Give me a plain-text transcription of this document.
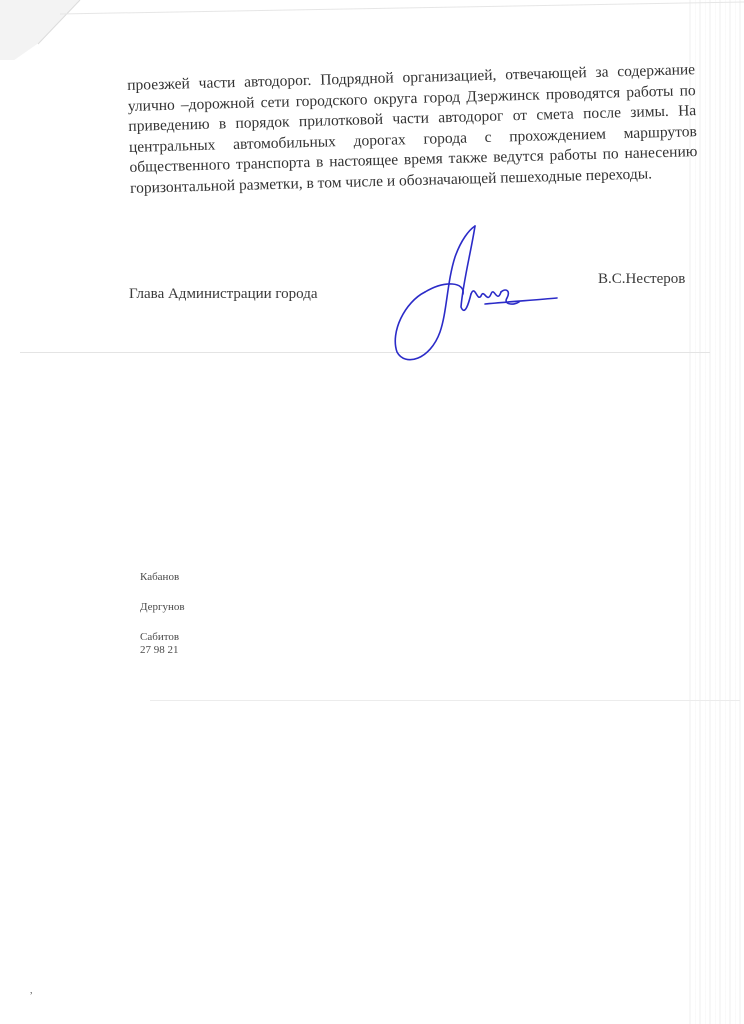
проезжей части автодорог. Подрядной организацией, отвечающей за содержание улично –дорожной сети городского округа город Дзержинск проводятся работы по приведению в порядок прилотковой части автодорог от смета после зимы. На центральных автомобильных дорогах города с прохождением маршрутов общественного транспорта в настоящее время также ведутся работы по нанесению горизонтальной разметки, в том числе и обозначающей пешеходные переходы.

Глава Администрации города
В.С.Нестеров
Кабанов
Дергунов
Сабитов
27 98 21
,
